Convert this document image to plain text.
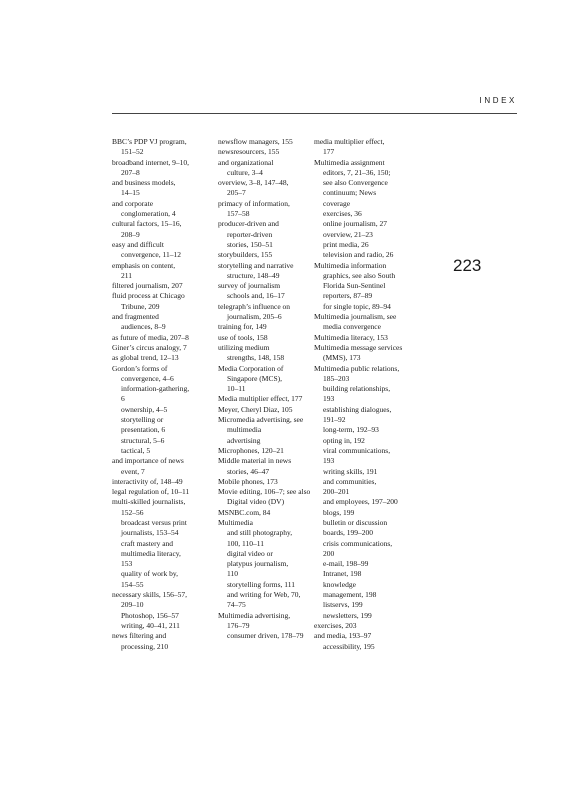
INDEX
BBC’s PDP VJ program,
151–52
broadband internet, 9–10,
207–8
and business models,
14–15
and corporate
conglomeration, 4
cultural factors, 15–16,
208–9
easy and difficult
convergence, 11–12
emphasis on content,
211
filtered journalism, 207
fluid process at Chicago
Tribune, 209
and fragmented
audiences, 8–9
as future of media, 207–8
Giner’s circus analogy, 7
as global trend, 12–13
Gordon’s forms of
convergence, 4–6
information-gathering,
6
ownership, 4–5
storytelling or
presentation, 6
structural, 5–6
tactical, 5
and importance of news
event, 7
interactivity of, 148–49
legal regulation of, 10–11
multi-skilled journalists,
152–56
broadcast versus print
journalists, 153–54
craft mastery and
multimedia literacy,
153
quality of work by,
154–55
necessary skills, 156–57,
209–10
Photoshop, 156–57
writing, 40–41, 211
news filtering and
processing, 210
newsflow managers, 155
newsresourcers, 155
and organizational
culture, 3–4
overview, 3–8, 147–48,
205–7
primacy of information,
157–58
producer-driven and
reporter-driven
stories, 150–51
storybuilders, 155
storytelling and narrative
structure, 148–49
survey of journalism
schools and, 16–17
telegraph’s influence on
journalism, 205–6
training for, 149
use of tools, 158
utilizing medium
strengths, 148, 158
Media Corporation of
Singapore (MCS),
10–11
Media multiplier effect, 177
Meyer, Cheryl Diaz, 105
Micromedia advertising, see
multimedia
advertising
Microphones, 120–21
Middle material in news
stories, 46–47
Mobile phones, 173
Movie editing, 106–7; see also
Digital video (DV)
MSNBC.com, 84
Multimedia
and still photography,
100, 110–11
digital video or
platypus journalism,
110
storytelling forms, 111
and writing for Web, 70,
74–75
Multimedia advertising,
176–79
consumer driven, 178–79
media multiplier effect,
177
Multimedia assignment
editors, 7, 21–36, 150;
see also Convergence
continuum; News
coverage
exercises, 36
online journalism, 27
overview, 21–23
print media, 26
television and radio, 26
Multimedia information
graphics, see also South
Florida Sun-Sentinel
reporters, 87–89
for single topic, 89–94
Multimedia journalism, see
media convergence
Multimedia literacy, 153
Multimedia message services
(MMS), 173
Multimedia public relations,
185–203
building relationships,
193
establishing dialogues,
191–92
long-term, 192–93
opting in, 192
viral communications,
193
writing skills, 191
and communities,
200–201
and employees, 197–200
blogs, 199
bulletin or discussion
boards, 199–200
crisis communications,
200
e-mail, 198–99
Intranet, 198
knowledge
management, 198
listservs, 199
newsletters, 199
exercises, 203
and media, 193–97
accessibility, 195
223
